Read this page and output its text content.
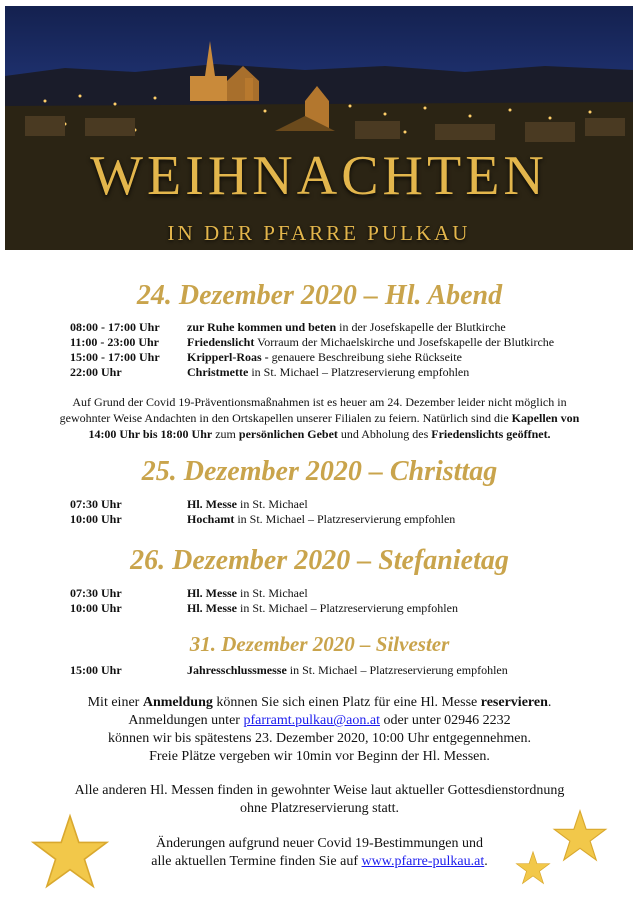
WEIHNACHTEN
IN DER PFARRE PULKAU
24. Dezember 2020 – Hl. Abend
08:00 - 17:00 Uhr zur Ruhe kommen und beten in der Josefskapelle der Blutkirche
11:00 - 23:00 Uhr Friedenslicht Vorraum der Michaelskirche und Josefskapelle der Blutkirche
15:00 - 17:00 Uhr Kripperl-Roas - genauere Beschreibung siehe Rückseite
22:00 Uhr	Christmette in St. Michael – Platzreservierung empfohlen
Auf Grund der Covid 19-Präventionsmaßnahmen ist es heuer am 24. Dezember leider nicht möglich in
gewohnter Weise Andachten in den Ortskapellen unserer Filialen zu feiern. Natürlich sind die Kapellen von
14:00 Uhr bis 18:00 Uhr zum persönlichen Gebet und Abholung des Friedenslichts geöffnet.
25. Dezember 2020 – Christtag
07:30 Uhr	Hl. Messe in St. Michael
10:00 Uhr	Hochamt in St. Michael – Platzreservierung empfohlen
26. Dezember 2020 – Stefanietag
07:30 Uhr	Hl. Messe in St. Michael
10:00 Uhr	Hl. Messe in St. Michael – Platzreservierung empfohlen
31. Dezember 2020 – Silvester
15:00 Uhr	Jahresschlussmesse in St. Michael – Platzreservierung empfohlen
Mit einer Anmeldung können Sie sich einen Platz für eine Hl. Messe reservieren.
Anmeldungen unter pfarramt.pulkau@aon.at oder unter 02946 2232
können wir bis spätestens 23. Dezember 2020, 10:00 Uhr entgegennehmen.
Freie Plätze vergeben wir 10min vor Beginn der Hl. Messen.
Alle anderen Hl. Messen finden in gewohnter Weise laut aktueller Gottesdienstordnung
ohne Platzreservierung statt.
Änderungen aufgrund neuer Covid 19-Bestimmungen und
alle aktuellen Termine finden Sie auf www.pfarre-pulkau.at.
